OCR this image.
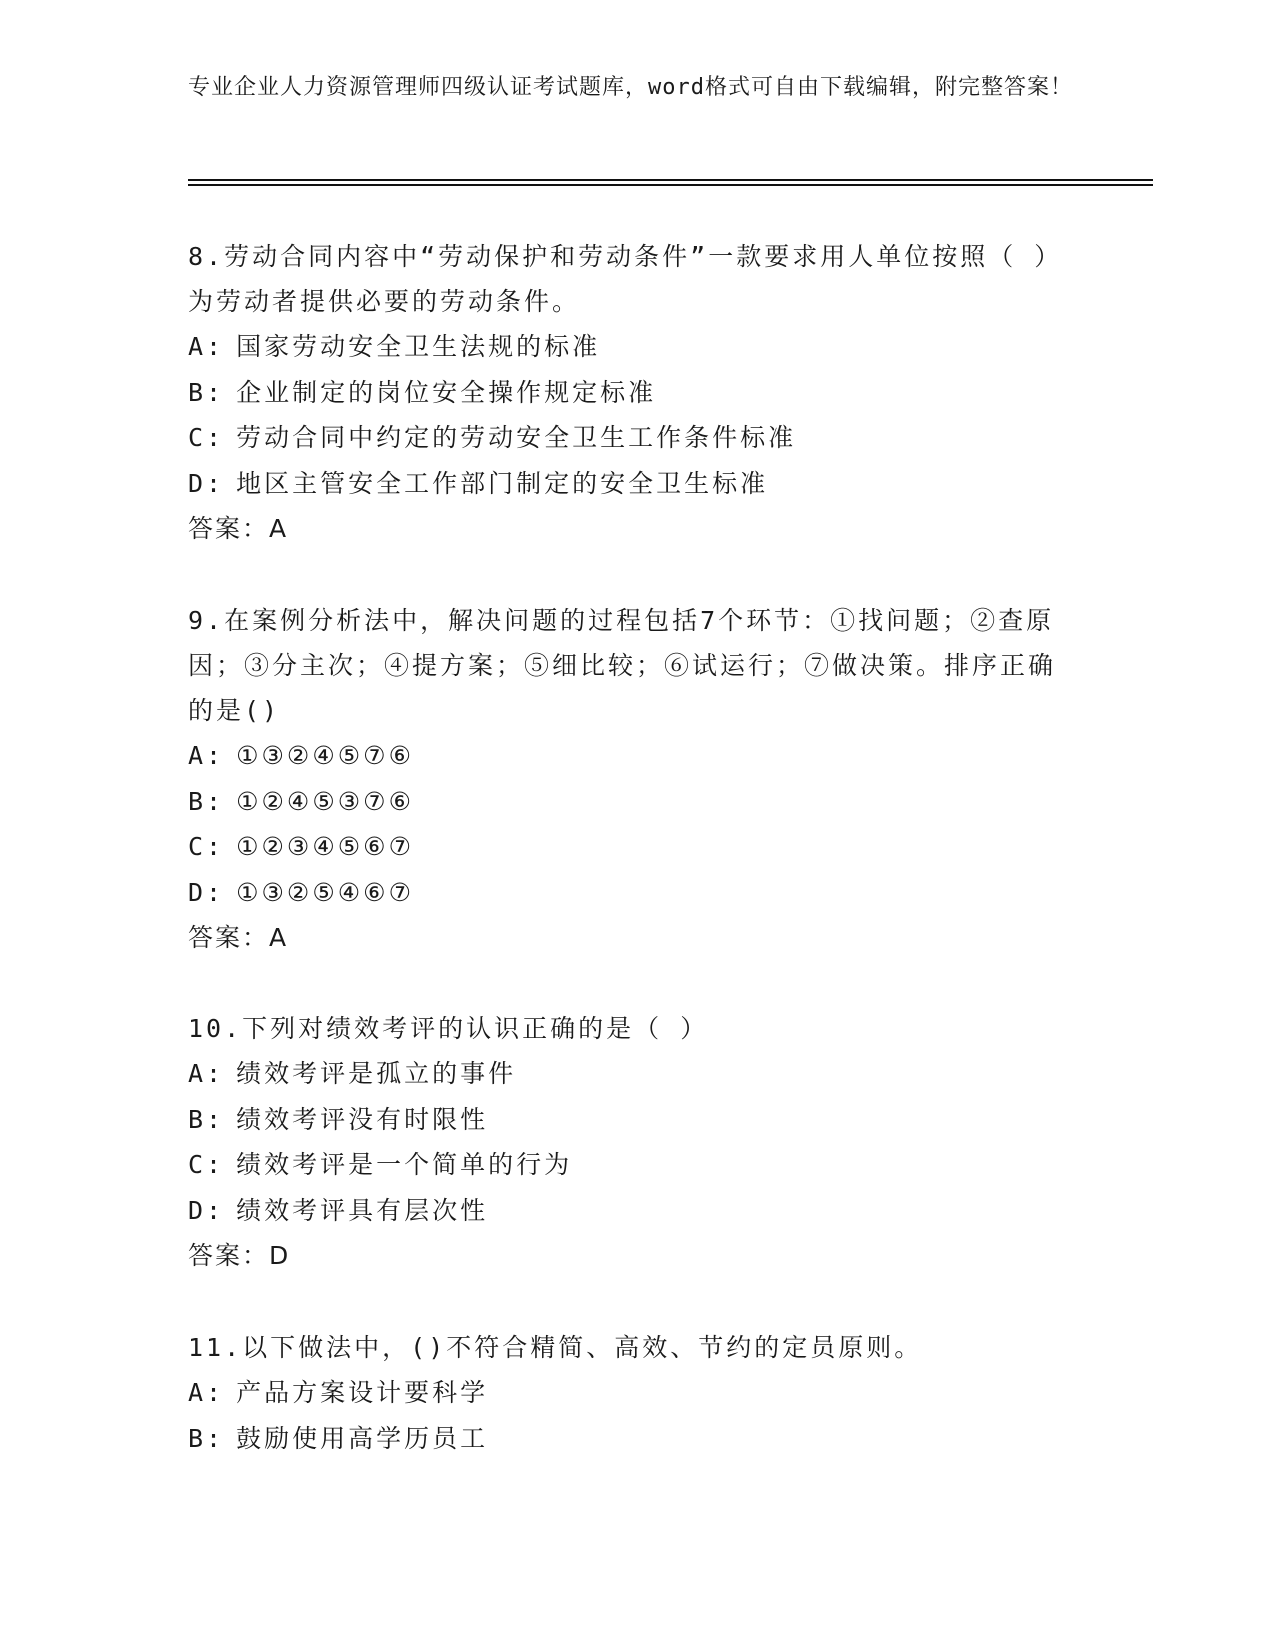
专业企业人力资源管理师四级认证考试题库，word格式可自由下载编辑，附完整答案！
8.劳动合同内容中“劳动保护和劳动条件”一款要求用人单位按照（ ）为劳动者提供必要的劳动条件。
A: 国家劳动安全卫生法规的标准
B: 企业制定的岗位安全操作规定标准
C: 劳动合同中约定的劳动安全卫生工作条件标准
D: 地区主管安全工作部门制定的安全卫生标准
答案：A
9.在案例分析法中，解决问题的过程包括7个环节：①找问题；②查原因；③分主次；④提方案；⑤细比较；⑥试运行；⑦做决策。排序正确的是()
A: ①③②④⑤⑦⑥
B: ①②④⑤③⑦⑥
C: ①②③④⑤⑥⑦
D: ①③②⑤④⑥⑦
答案：A
10.下列对绩效考评的认识正确的是（ ）
A: 绩效考评是孤立的事件
B: 绩效考评没有时限性
C: 绩效考评是一个简单的行为
D: 绩效考评具有层次性
答案：D
11.以下做法中，()不符合精简、高效、节约的定员原则。
A: 产品方案设计要科学
B: 鼓励使用高学历员工
